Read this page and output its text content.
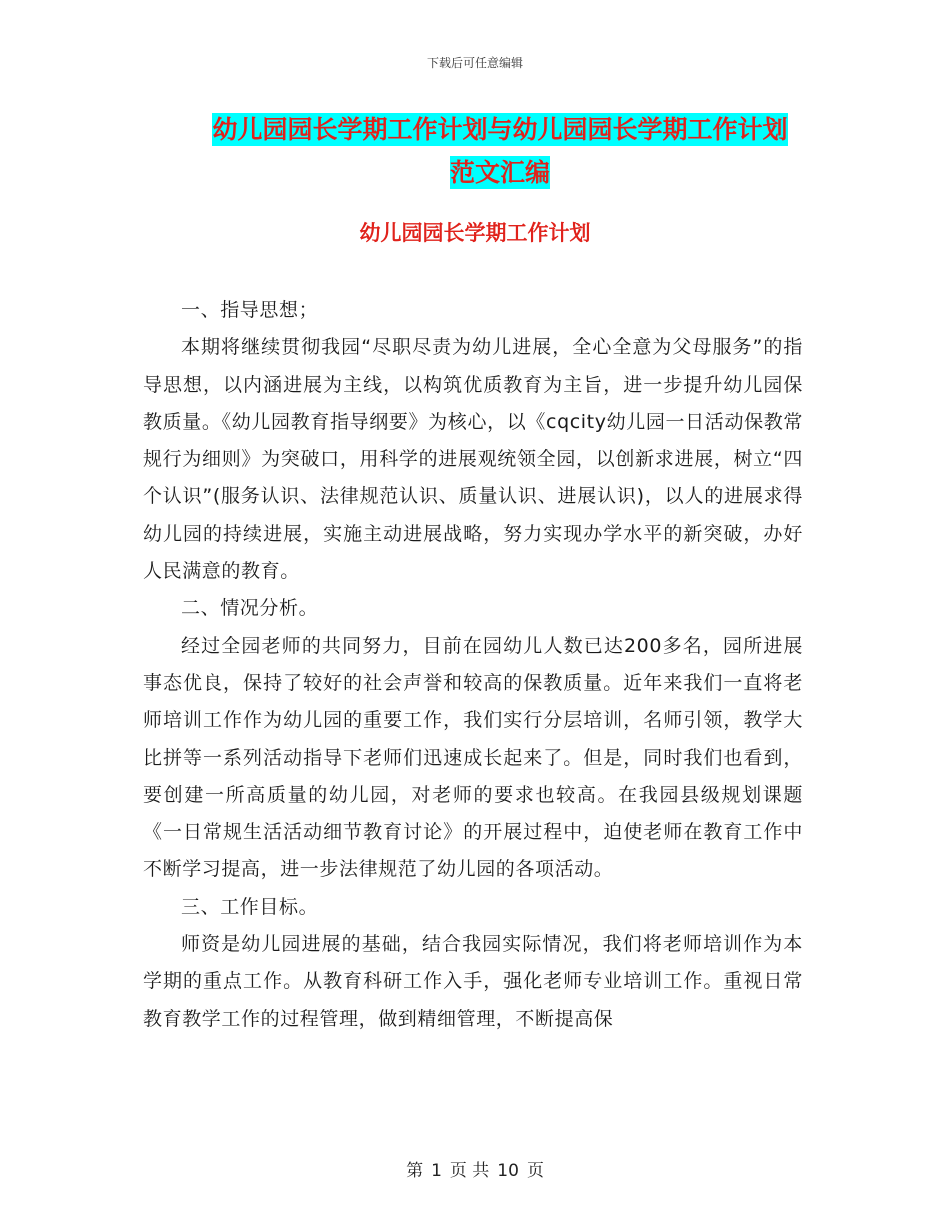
下载后可任意编辑
幼儿园园长学期工作计划与幼儿园园长学期工作计划
范文汇编
幼儿园园长学期工作计划

一、指导思想；

本期将继续贯彻我园“尽职尽责为幼儿进展，全心全意为父母服务”的指导思想，以内涵进展为主线，以构筑优质教育为主旨，进一步提升幼儿园保教质量。《幼儿园教育指导纲要》为核心，以《cqcity幼儿园一日活动保教常规行为细则》为突破口，用科学的进展观统领全园，以创新求进展，树立“四个认识”(服务认识、法律规范认识、质量认识、进展认识)，以人的进展求得幼儿园的持续进展，实施主动进展战略，努力实现办学水平的新突破，办好人民满意的教育。

二、情况分析。

经过全园老师的共同努力，目前在园幼儿人数已达200多名，园所进展事态优良，保持了较好的社会声誉和较高的保教质量。近年来我们一直将老师培训工作作为幼儿园的重要工作，我们实行分层培训，名师引领，教学大比拼等一系列活动指导下老师们迅速成长起来了。但是，同时我们也看到，要创建一所高质量的幼儿园，对老师的要求也较高。在我园县级规划课题《一日常规生活活动细节教育讨论》的开展过程中，迫使老师在教育工作中不断学习提高，进一步法律规范了幼儿园的各项活动。

三、工作目标。

师资是幼儿园进展的基础，结合我园实际情况，我们将老师培训作为本学期的重点工作。从教育科研工作入手，强化老师专业培训工作。重视日常教育教学工作的过程管理，做到精细管理，不断提高保

第 1 页 共 10 页
